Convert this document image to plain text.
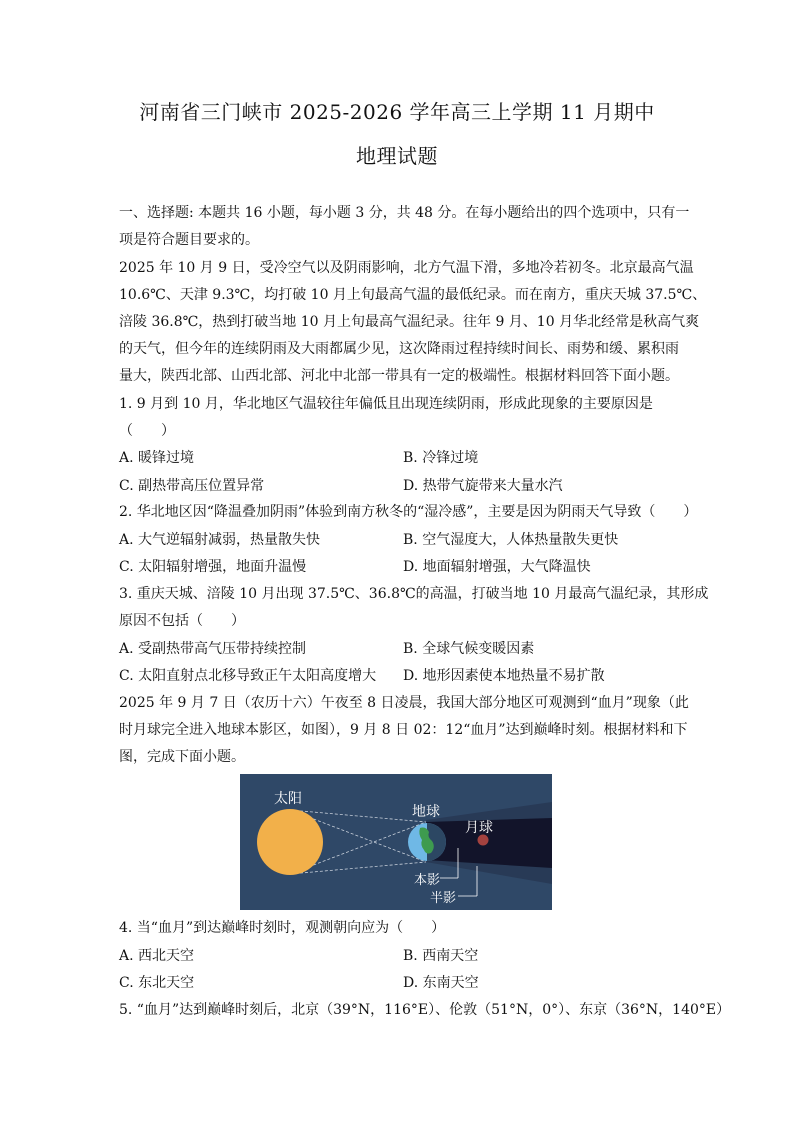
河南省三门峡市 2025-2026 学年高三上学期 11 月期中
地理试题
一、选择题: 本题共 16 小题，每小题 3 分，共 48 分。在每小题给出的四个选项中，只有一
项是符合题目要求的。
2025 年 10 月 9 日，受冷空气以及阴雨影响，北方气温下滑，多地冷若初冬。北京最高气温
10.6℃、天津 9.3℃，均打破 10 月上旬最高气温的最低纪录。而在南方，重庆天城 37.5℃、
涪陵 36.8℃，热到打破当地 10 月上旬最高气温纪录。往年 9 月、10 月华北经常是秋高气爽
的天气，但今年的连续阴雨及大雨都属少见，这次降雨过程持续时间长、雨势和缓、累积雨
量大，陕西北部、山西北部、河北中北部一带具有一定的极端性。根据材料回答下面小题。
1. 9 月到 10 月，华北地区气温较往年偏低且出现连续阴雨，形成此现象的主要原因是
（　　）
A. 暖锋过境	B. 冷锋过境
C. 副热带高压位置异常	D. 热带气旋带来大量水汽
2. 华北地区因“降温叠加阴雨”体验到南方秋冬的“湿冷感”，主要是因为阴雨天气导致（　　）
A. 大气逆辐射减弱，热量散失快	B. 空气湿度大，人体热量散失更快
C. 太阳辐射增强，地面升温慢	D. 地面辐射增强，大气降温快
3. 重庆天城、涪陵 10 月出现 37.5℃、36.8℃的高温，打破当地 10 月最高气温纪录，其形成
原因不包括（　　）
A. 受副热带高气压带持续控制	B. 全球气候变暖因素
C. 太阳直射点北移导致正午太阳高度增大 D. 地形因素使本地热量不易扩散
2025 年 9 月 7 日（农历十六）午夜至 8 日凌晨，我国大部分地区可观测到“血月”现象（此
时月球完全进入地球本影区，如图），9 月 8 日 02：12“血月”达到巅峰时刻。根据材料和下
图，完成下面小题。
太阳
地球
月球
本影
半影
4. 当“血月”到达巅峰时刻时，观测朝向应为（　　）
A. 西北天空	B. 西南天空
C. 东北天空	D. 东南天空
5. “血月”达到巅峰时刻后，北京（39°N，116°E）、伦敦（51°N，0°）、东京（36°N，140°E）
